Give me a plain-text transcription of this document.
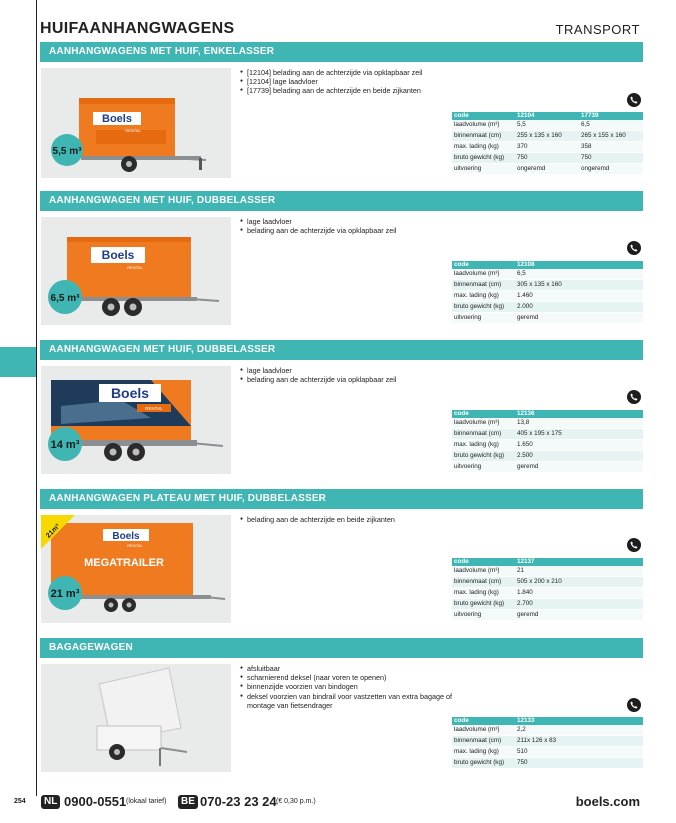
HUIFAANHANGWAGENS	TRANSPORT
AANHANGWAGENS MET HUIF, ENKELASSER
Boels
RENTAL
5,5 m³
● [12104] belading aan de achterzijde via opklapbaar zeil
● [12104] lage laadvloer
● [17739] belading aan de achterzijde en beide zijkanten
code	12104	17739
laadvolume (m³)	5,5	6,5
binnenmaat (cm)	255 x 135 x 160	265 x 155 x 160
max. lading (kg)	370	358
bruto gewicht (kg)	750	750
uitvoering	ongeremd	ongeremd
AANHANGWAGEN MET HUIF, DUBBELASSER
Boels
RENTAL
6,5 m³
● lage laadvloer
● belading aan de achterzijde via opklapbaar zeil
code	12108
laadvolume (m³)	6,5
binnenmaat (cm)	305 x 135 x 160
max. lading (kg)	1.460
bruto gewicht (kg)	2.000
uitvoering	geremd
AANHANGWAGEN MET HUIF, DUBBELASSER
Boels
RENTAL
14 m³
● lage laadvloer
● belading aan de achterzijde via opklapbaar zeil
code	12136
laadvolume (m³)	13,8
binnenmaat (cm)	405 x 195 x 175
max. lading (kg)	1.650
bruto gewicht (kg)	2.500
uitvoering	geremd
AANHANGWAGEN PLATEAU MET HUIF, DUBBELASSER
Boels
RENTAL
MEGATRAILER
21m³
21 m³
● belading aan de achterzijde en beide zijkanten
code	12137
laadvolume (m³)	21
binnenmaat (cm)	505 x 200 x 210
max. lading (kg)	1.840
bruto gewicht (kg)	2.700
uitvoering	geremd
BAGAGEWAGEN
● afsluitbaar
● scharnierend deksel (naar voren te openen)
● binnenzijde voorzien van bindogen
● deksel voorzien van bindrail voor vastzetten van extra bagage of montage van fietsendrager
code	12133
laadvolume (m³)	2,2
binnenmaat (cm)	211x 126 x 83
max. lading (kg)	510
bruto gewicht (kg)	750
254	NL 0900-0551 (lokaal tarief)	BE 070-23 23 24 (€ 0,30 p.m.)	boels.com
